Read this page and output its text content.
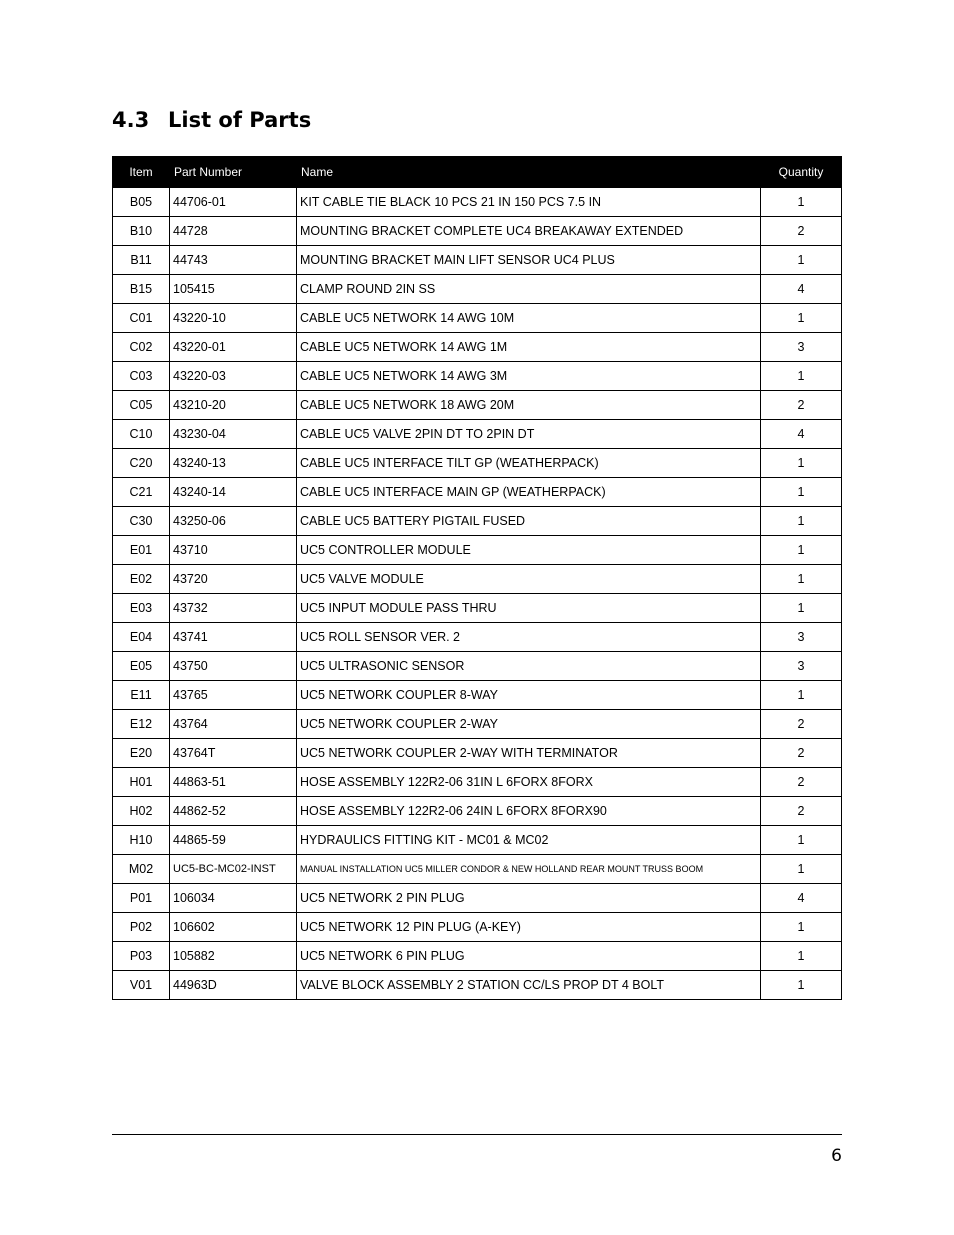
4.3 List of Parts
Item	Part Number	Name	Quantity
B05	44706-01	KIT CABLE TIE BLACK 10 PCS 21 IN 150 PCS 7.5 IN	1
B10	44728	MOUNTING BRACKET COMPLETE UC4 BREAKAWAY EXTENDED	2
B11	44743	MOUNTING BRACKET MAIN LIFT SENSOR UC4 PLUS	1
B15	105415	CLAMP ROUND 2IN SS	4
C01	43220-10	CABLE UC5 NETWORK 14 AWG 10M	1
C02	43220-01	CABLE UC5 NETWORK 14 AWG 1M	3
C03	43220-03	CABLE UC5 NETWORK 14 AWG 3M	1
C05	43210-20	CABLE UC5 NETWORK 18 AWG 20M	2
C10	43230-04	CABLE UC5 VALVE 2PIN DT TO 2PIN DT	4
C20	43240-13	CABLE UC5 INTERFACE TILT GP (WEATHERPACK)	1
C21	43240-14	CABLE UC5 INTERFACE MAIN GP (WEATHERPACK)	1
C30	43250-06	CABLE UC5 BATTERY PIGTAIL FUSED	1
E01	43710	UC5 CONTROLLER MODULE	1
E02	43720	UC5 VALVE MODULE	1
E03	43732	UC5 INPUT MODULE PASS THRU	1
E04	43741	UC5 ROLL SENSOR VER. 2	3
E05	43750	UC5 ULTRASONIC SENSOR	3
E11	43765	UC5 NETWORK COUPLER 8-WAY	1
E12	43764	UC5 NETWORK COUPLER 2-WAY	2
E20	43764T	UC5 NETWORK COUPLER 2-WAY WITH TERMINATOR	2
H01	44863-51	HOSE ASSEMBLY 122R2-06 31IN L 6FORX 8FORX	2
H02	44862-52	HOSE ASSEMBLY 122R2-06 24IN L 6FORX 8FORX90	2
H10	44865-59	HYDRAULICS FITTING KIT - MC01 & MC02	1
M02	UC5-BC-MC02-INST	MANUAL INSTALLATION UC5 MILLER CONDOR & NEW HOLLAND REAR MOUNT TRUSS BOOM	1
P01	106034	UC5 NETWORK 2 PIN PLUG	4
P02	106602	UC5 NETWORK 12 PIN PLUG (A-KEY)	1
P03	105882	UC5 NETWORK 6 PIN PLUG	1
V01	44963D	VALVE BLOCK ASSEMBLY 2 STATION CC/LS PROP DT 4 BOLT	1
6
